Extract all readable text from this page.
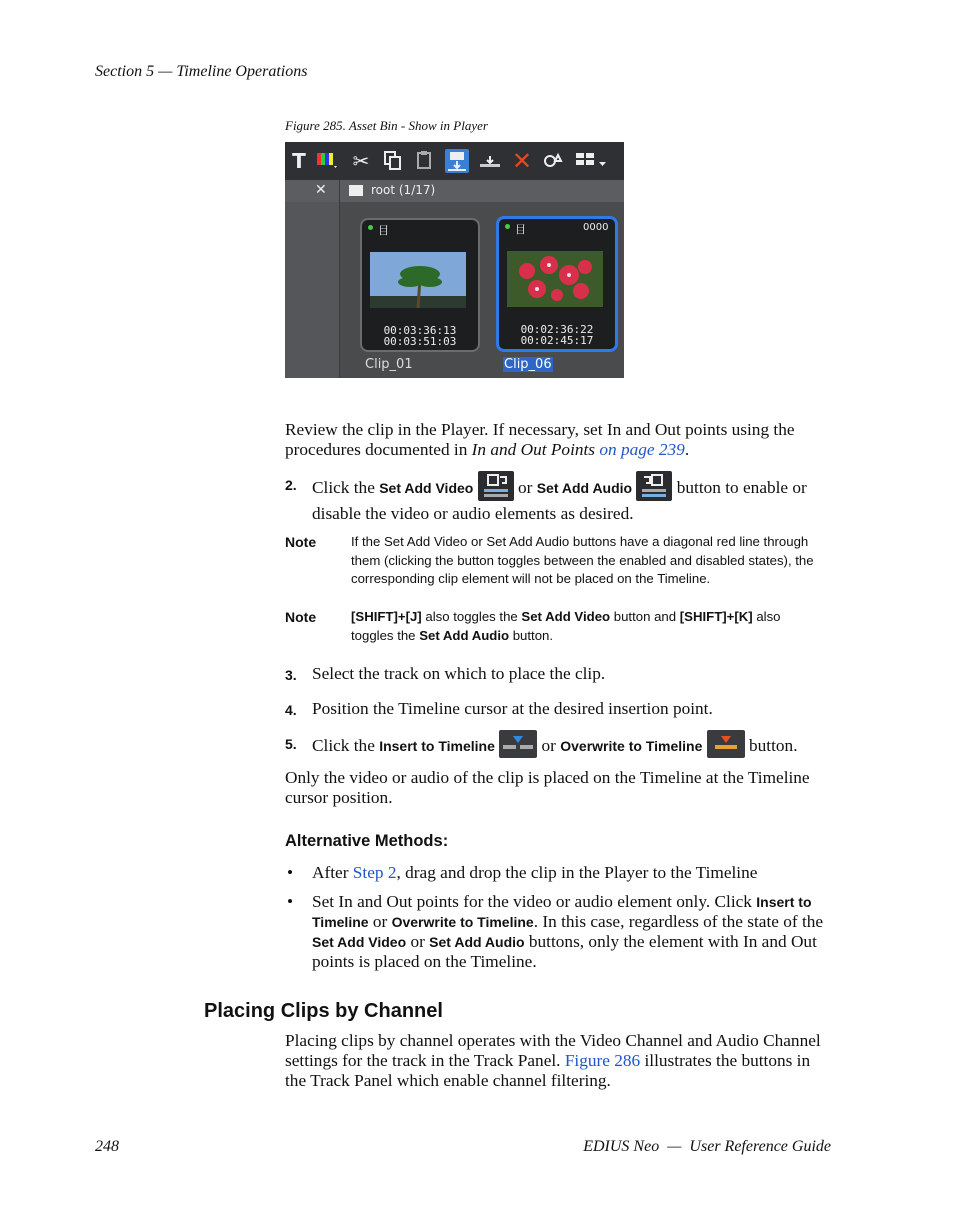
Section 5 — Timeline Operations
Figure 285. Asset Bin - Show in Player
T ✂	✕
✕	root (1/17)
目
00:03:36:13
00:03:51:03
Clip_01
目	0000
00:02:36:22
00:02:45:17
Clip_06
Review the clip in the Player. If necessary, set In and Out points using the procedures documented in In and Out Points on page 239.
2. Click the Set Add Video  or Set Add Audio  button to enable or
disable the video or audio elements as desired.
Note	If the Set Add Video or Set Add Audio buttons have a diagonal red line through them (clicking the button toggles between the enabled and disabled states), the corresponding clip element will not be placed on the Timeline.
Note	[SHIFT]+[J] also toggles the Set Add Video button and [SHIFT]+[K] also toggles the Set Add Audio button.
3. Select the track on which to place the clip.
4. Position the Timeline cursor at the desired insertion point.
5. Click the Insert to Timeline  or Overwrite to Timeline  button.
Only the video or audio of the clip is placed on the Timeline at the Timeline cursor position.
Alternative Methods:
• After Step 2, drag and drop the clip in the Player to the Timeline
• Set In and Out points for the video or audio element only. Click Insert to Timeline or Overwrite to Timeline. In this case, regardless of the state of the Set Add Video or Set Add Audio buttons, only the element with In and Out points is placed on the Timeline.
Placing Clips by Channel
Placing clips by channel operates with the Video Channel and Audio Channel settings for the track in the Track Panel. Figure 286 illustrates the buttons in the Track Panel which enable channel filtering.
248	EDIUS Neo  —  User Reference Guide
